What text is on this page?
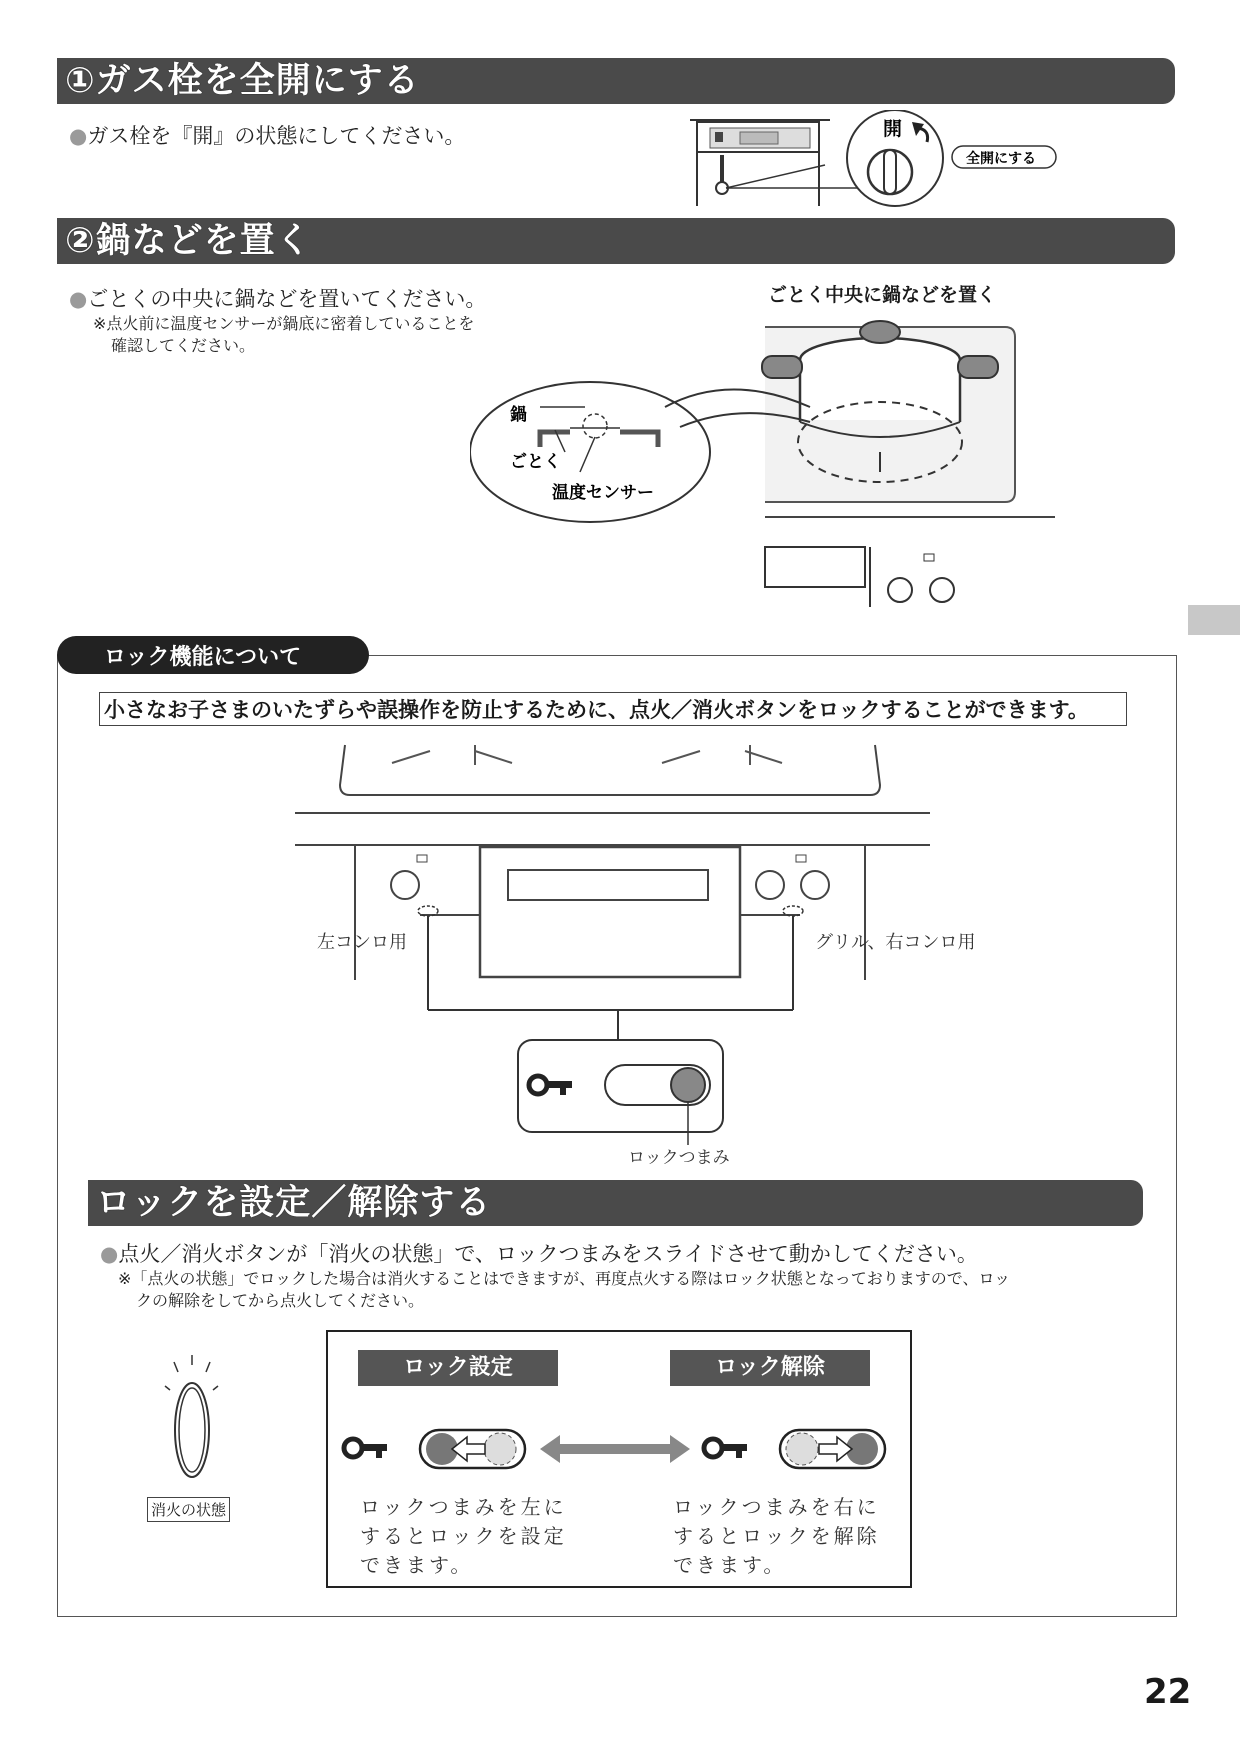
①ガス栓を全開にする
●ガス栓を『開』の状態にしてください。	開
全開にする
②鍋などを置く
●ごとくの中央に鍋などを置いてください。
※点火前に温度センサーが鍋底に密着していることを
確認してください。
ごとく中央に鍋などを置く
鍋
ごとく
温度センサー
ロック機能について
小さなお子さまのいたずらや誤操作を防止するために、点火／消火ボタンをロックすることができます。
左コンロ用	グリル、右コンロ用
ロックつまみ
ロックを設定／解除する
●点火／消火ボタンが「消火の状態」で、ロックつまみをスライドさせて動かしてください。
※「点火の状態」でロックした場合は消火することはできますが、再度点火する際はロック状態となっておりますので、ロッ
クの解除をしてから点火してください。
消火の状態
ロック設定	ロック解除
ロックつまみを左に
するとロックを設定
できます。
ロックつまみを右に
するとロックを解除
できます。
22
